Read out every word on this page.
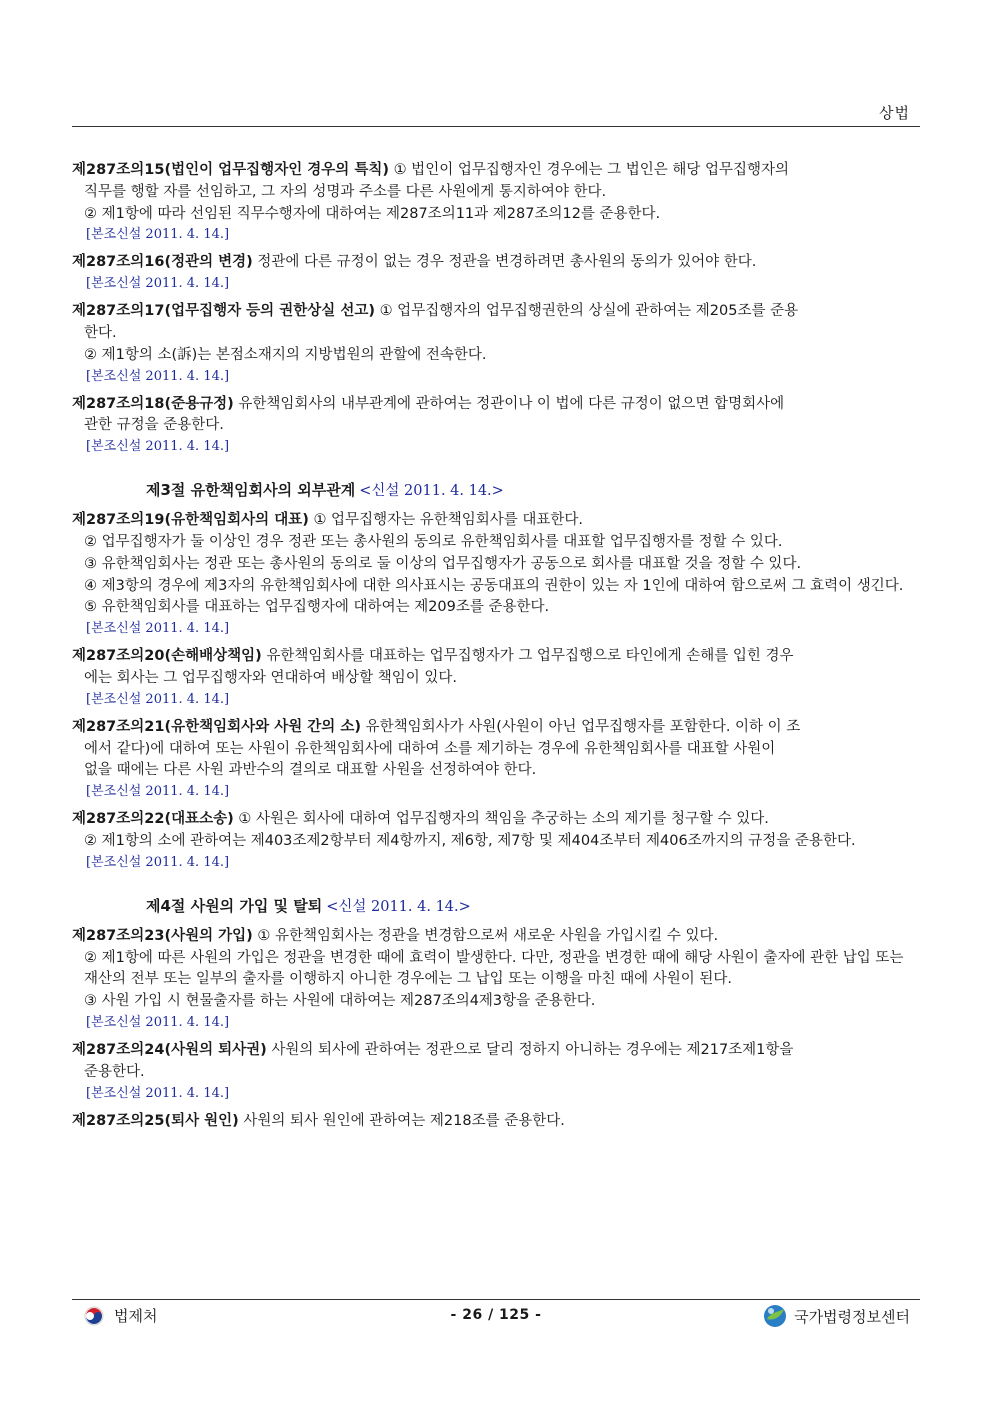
상법
제287조의15(법인이 업무집행자인 경우의 특칙) ① 법인이 업무집행자인 경우에는 그 법인은 해당 업무집행자의
직무를 행할 자를 선임하고, 그 자의 성명과 주소를 다른 사원에게 통지하여야 한다.
② 제1항에 따라 선임된 직무수행자에 대하여는 제287조의11과 제287조의12를 준용한다.
[본조신설 2011. 4. 14.]
제287조의16(정관의 변경) 정관에 다른 규정이 없는 경우 정관을 변경하려면 총사원의 동의가 있어야 한다.
[본조신설 2011. 4. 14.]
제287조의17(업무집행자 등의 권한상실 선고) ① 업무집행자의 업무집행권한의 상실에 관하여는 제205조를 준용
한다.
② 제1항의 소(訴)는 본점소재지의 지방법원의 관할에 전속한다.
[본조신설 2011. 4. 14.]
제287조의18(준용규정) 유한책임회사의 내부관계에 관하여는 정관이나 이 법에 다른 규정이 없으면 합명회사에
관한 규정을 준용한다.
[본조신설 2011. 4. 14.]
제3절 유한책임회사의 외부관계 <신설 2011. 4. 14.>
제287조의19(유한책임회사의 대표) ① 업무집행자는 유한책임회사를 대표한다.
② 업무집행자가 둘 이상인 경우 정관 또는 총사원의 동의로 유한책임회사를 대표할 업무집행자를 정할 수 있다.
③ 유한책임회사는 정관 또는 총사원의 동의로 둘 이상의 업무집행자가 공동으로 회사를 대표할 것을 정할 수 있다.
④ 제3항의 경우에 제3자의 유한책임회사에 대한 의사표시는 공동대표의 권한이 있는 자 1인에 대하여 함으로써 그 효력이 생긴다.
⑤ 유한책임회사를 대표하는 업무집행자에 대하여는 제209조를 준용한다.
[본조신설 2011. 4. 14.]
제287조의20(손해배상책임) 유한책임회사를 대표하는 업무집행자가 그 업무집행으로 타인에게 손해를 입힌 경우
에는 회사는 그 업무집행자와 연대하여 배상할 책임이 있다.
[본조신설 2011. 4. 14.]
제287조의21(유한책임회사와 사원 간의 소) 유한책임회사가 사원(사원이 아닌 업무집행자를 포함한다. 이하 이 조
에서 같다)에 대하여 또는 사원이 유한책임회사에 대하여 소를 제기하는 경우에 유한책임회사를 대표할 사원이
없을 때에는 다른 사원 과반수의 결의로 대표할 사원을 선정하여야 한다.
[본조신설 2011. 4. 14.]
제287조의22(대표소송) ① 사원은 회사에 대하여 업무집행자의 책임을 추궁하는 소의 제기를 청구할 수 있다.
② 제1항의 소에 관하여는 제403조제2항부터 제4항까지, 제6항, 제7항 및 제404조부터 제406조까지의 규정을 준용한다.
[본조신설 2011. 4. 14.]
제4절 사원의 가입 및 탈퇴 <신설 2011. 4. 14.>
제287조의23(사원의 가입) ① 유한책임회사는 정관을 변경함으로써 새로운 사원을 가입시킬 수 있다.
② 제1항에 따른 사원의 가입은 정관을 변경한 때에 효력이 발생한다. 다만, 정관을 변경한 때에 해당 사원이 출자에 관한 납입 또는 재산의 전부 또는 일부의 출자를 이행하지 아니한 경우에는 그 납입 또는 이행을 마친 때에 사원이 된다.
③ 사원 가입 시 현물출자를 하는 사원에 대하여는 제287조의4제3항을 준용한다.
[본조신설 2011. 4. 14.]
제287조의24(사원의 퇴사권) 사원의 퇴사에 관하여는 정관으로 달리 정하지 아니하는 경우에는 제217조제1항을
준용한다.
[본조신설 2011. 4. 14.]
제287조의25(퇴사 원인) 사원의 퇴사 원인에 관하여는 제218조를 준용한다.
법제처	- 26 / 125 -	국가법령정보센터
